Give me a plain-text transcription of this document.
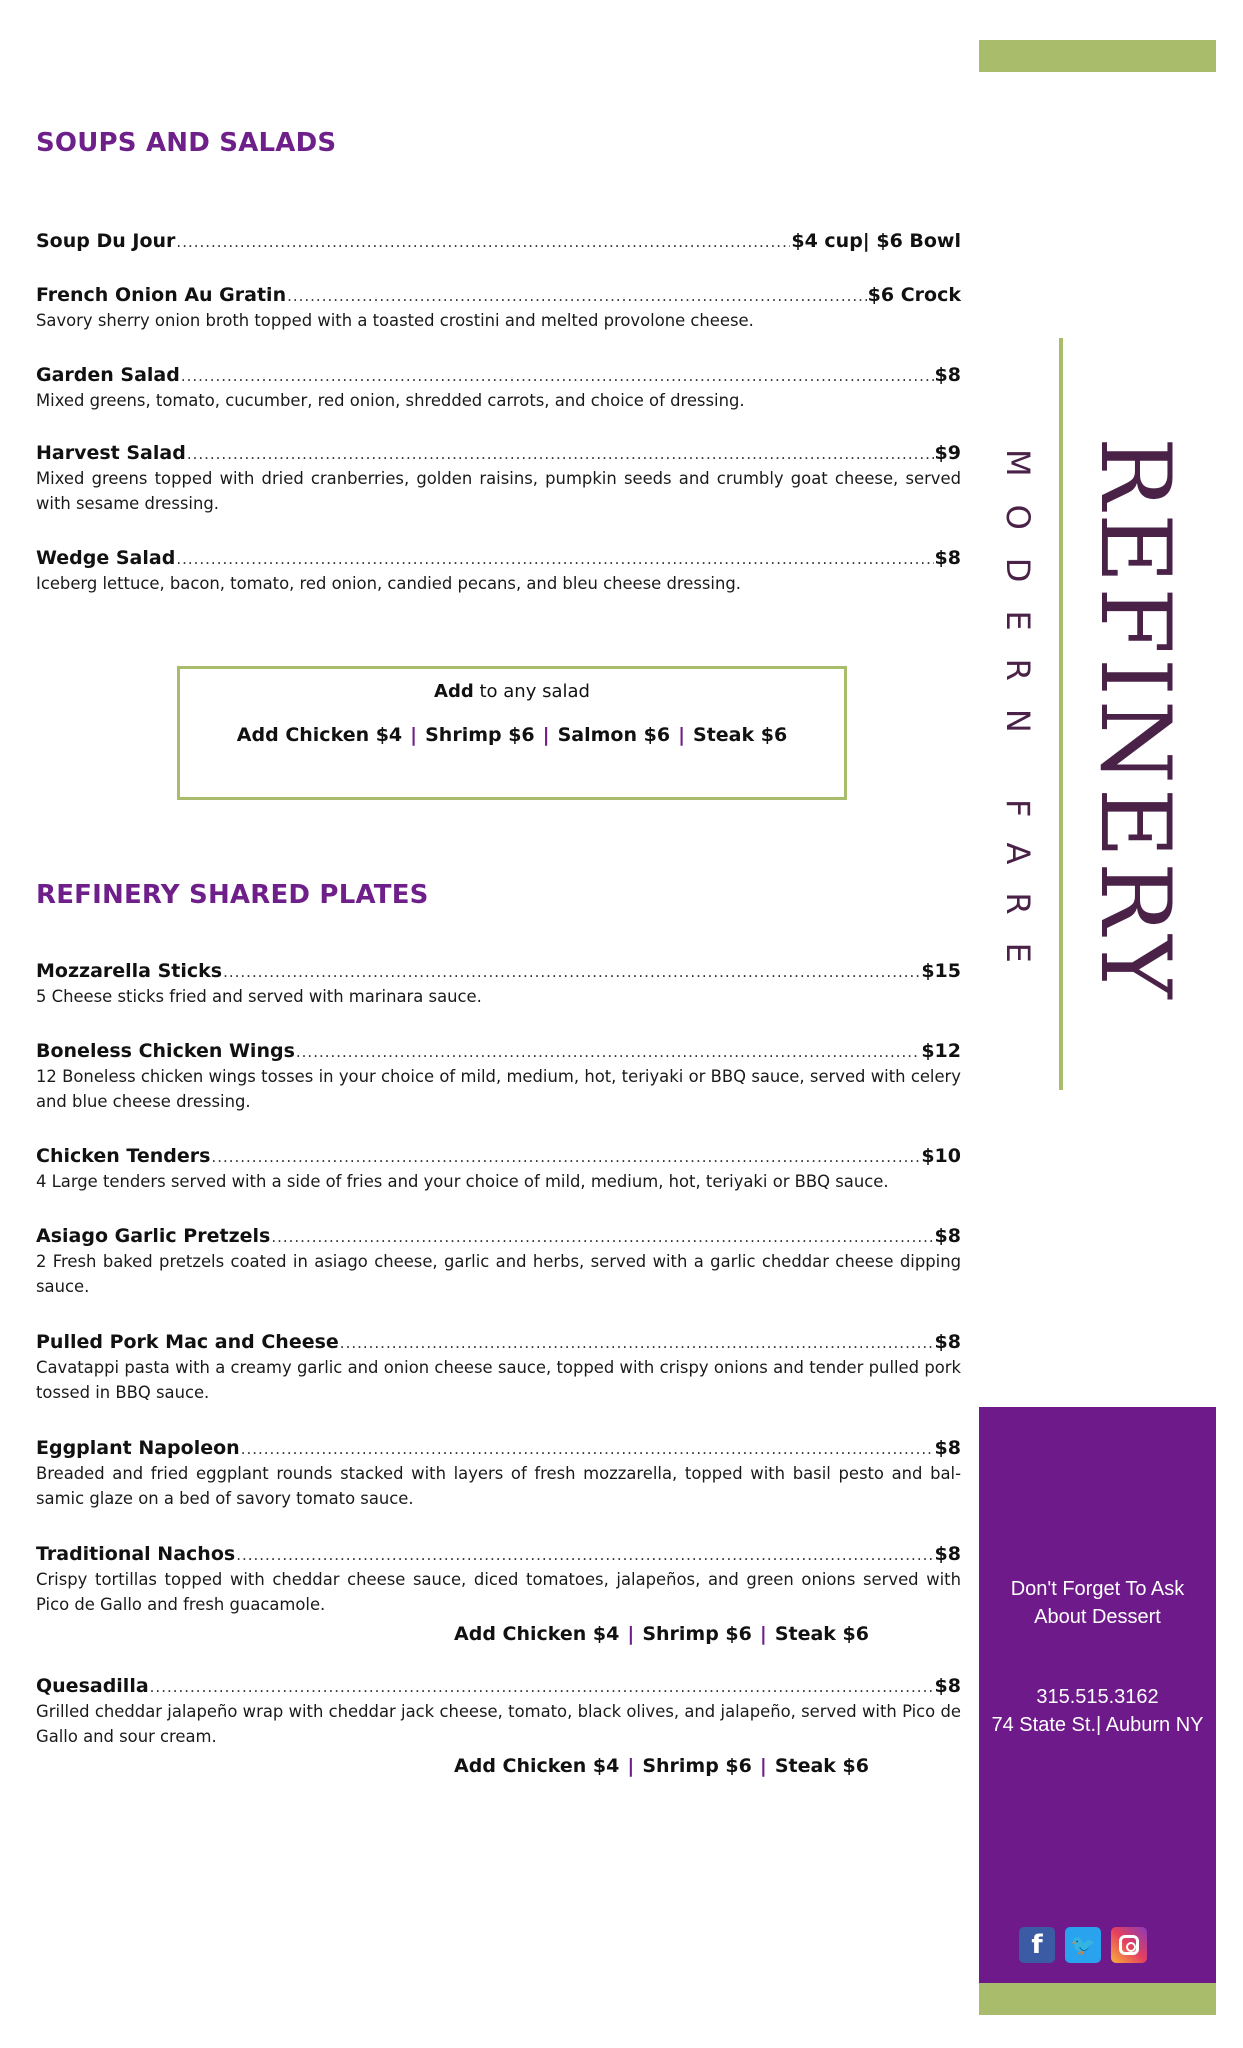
SOUPS AND SALADS
Soup Du Jour .....	$4 cup| $6 Bowl
French Onion Au Gratin .....	$6 Crock
Savory sherry onion broth topped with a toasted crostini and melted provolone cheese.
Garden Salad .....	$8
Mixed greens, tomato, cucumber, red onion, shredded carrots, and choice of dressing.
Harvest Salad .....	$9
Mixed greens topped with dried cranberries, golden raisins, pumpkin seeds and crumbly goat cheese, served with sesame dressing.
Wedge Salad .....	$8
Iceberg lettuce, bacon, tomato, red onion, candied pecans, and bleu cheese dressing.
Add to any salad
Add Chicken $4 | Shrimp $6 | Salmon $6 | Steak $6
REFINERY SHARED PLATES
Mozzarella Sticks .....	$15
5 Cheese sticks fried and served with marinara sauce.
Boneless Chicken Wings .....	$12
12 Boneless chicken wings tosses in your choice of mild, medium, hot, teriyaki or BBQ sauce, served with celery and blue cheese dressing.
Chicken Tenders .....	$10
4 Large tenders served with a side of fries and your choice of mild, medium, hot, teriyaki or BBQ sauce.
Asiago Garlic Pretzels .....	$8
2 Fresh baked pretzels coated in asiago cheese, garlic and herbs, served with a garlic cheddar cheese dipping sauce.
Pulled Pork Mac and Cheese .....	$8
Cavatappi pasta with a creamy garlic and onion cheese sauce, topped with crispy onions and tender pulled pork tossed in BBQ sauce.
Eggplant Napoleon .....	$8
Breaded and fried eggplant rounds stacked with layers of fresh mozzarella, topped with basil pesto and bal-samic glaze on a bed of savory tomato sauce.
Traditional Nachos .....	$8
Crispy tortillas topped with cheddar cheese sauce, diced tomatoes, jalapeños, and green onions served with Pico de Gallo and fresh guacamole.
Add Chicken $4 | Shrimp $6 | Steak $6
Quesadilla .....	$8
Grilled cheddar jalapeño wrap with cheddar jack cheese, tomato, black olives, and jalapeño, served with Pico de Gallo and sour cream.
Add Chicken $4 | Shrimp $6 | Steak $6
REFINERY
MODERN FARE
Don't Forget To Ask
About Dessert
315.515.3162
74 State St.| Auburn NY
f	🐦
